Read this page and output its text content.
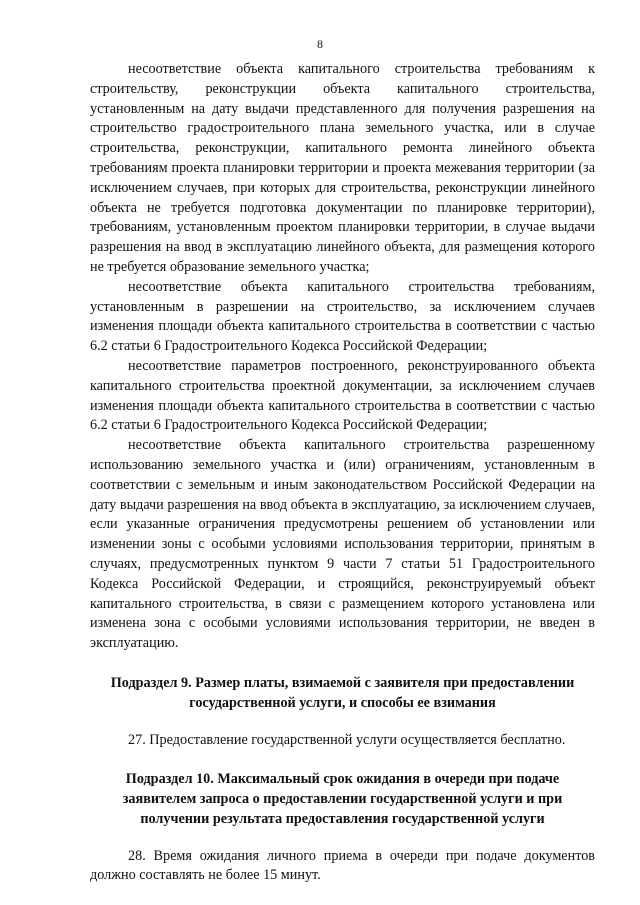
8

несоответствие объекта капитального строительства требованиям к строительству, реконструкции объекта капитального строительства, установленным на дату выдачи представленного для получения разрешения на строительство градостроительного плана земельного участка, или в случае строительства, реконструкции, капитального ремонта линейного объекта требованиям проекта планировки территории и проекта межевания территории (за исключением случаев, при которых для строительства, реконструкции линейного объекта не требуется подготовка документации по планировке территории), требованиям, установленным проектом планировки территории, в случае выдачи разрешения на ввод в эксплуатацию линейного объекта, для размещения которого не требуется образование земельного участка;

несоответствие объекта капитального строительства требованиям, установленным в разрешении на строительство, за исключением случаев изменения площади объекта капитального строительства в соответствии с частью 6.2 статьи 6 Градостроительного Кодекса Российской Федерации;

несоответствие параметров построенного, реконструированного объекта капитального строительства проектной документации, за исключением случаев изменения площади объекта капитального строительства в соответствии с частью 6.2 статьи 6 Градостроительного Кодекса Российской Федерации;

несоответствие объекта капитального строительства разрешенному использованию земельного участка и (или) ограничениям, установленным в соответствии с земельным и иным законодательством Российской Федерации на дату выдачи разрешения на ввод объекта в эксплуатацию, за исключением случаев, если указанные ограничения предусмотрены решением об установлении или изменении зоны с особыми условиями использования территории, принятым в случаях, предусмотренных пунктом 9 части 7 статьи 51 Градостроительного Кодекса Российской Федерации, и строящийся, реконструируемый объект капитального строительства, в связи с размещением которого установлена или изменена зона с особыми условиями использования территории, не введен в эксплуатацию.

Подраздел 9. Размер платы, взимаемой с заявителя при предоставлении государственной услуги, и способы ее взимания

27. Предоставление государственной услуги осуществляется бесплатно.

Подраздел 10. Максимальный срок ожидания в очереди при подаче заявителем запроса о предоставлении государственной услуги и при получении результата предоставления государственной услуги

28. Время ожидания личного приема в очереди при подаче документов должно составлять не более 15 минут.
